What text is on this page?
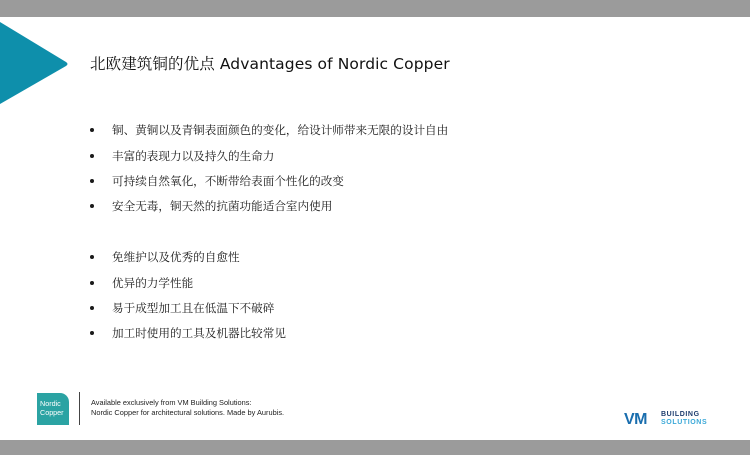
北欧建筑铜的优点 Advantages of Nordic Copper
铜、黄铜以及青铜表面颜色的变化，给设计师带来无限的设计自由
丰富的表现力以及持久的生命力
可持续自然氧化，不断带给表面个性化的改变
安全无毒，铜天然的抗菌功能适合室内使用
免维护以及优秀的自愈性
优异的力学性能
易于成型加工且在低温下不破碎
加工时使用的工具及机器比较常见
Nordic
Copper
Available exclusively from VM Building Solutions:
Nordic Copper for architectural solutions. Made by Aurubis.	VM BUILDING
SOLUTIONS
